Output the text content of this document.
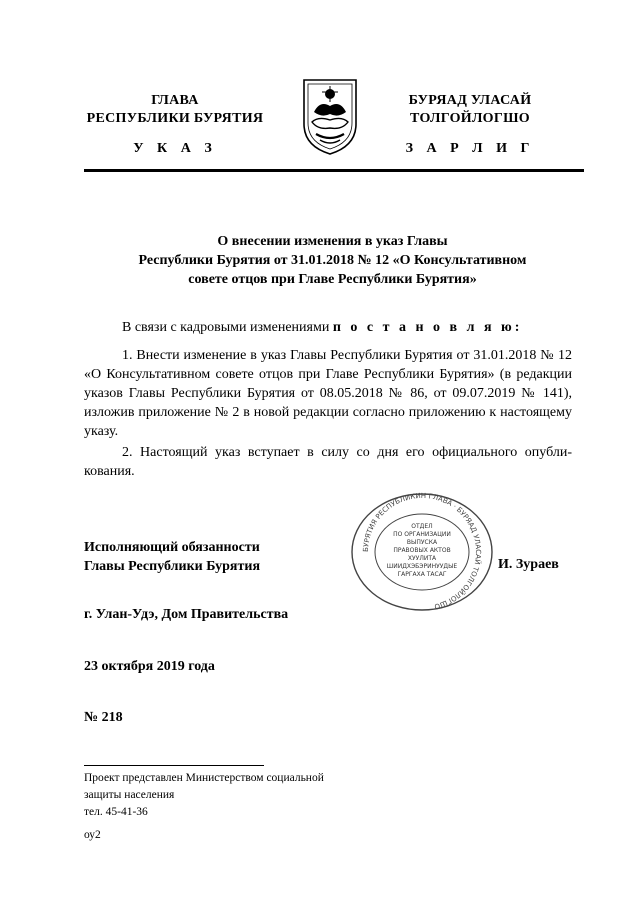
ГЛАВА
РЕСПУБЛИКИ БУРЯТИЯ
БУРЯАД УЛАСАЙ
ТОЛГОЙЛОГШО
У К А З	З А Р Л И Г
О внесении изменения в указ Главы
Республики Бурятия от 31.01.2018 № 12 «О Консультативном
совете отцов при Главе Республики Бурятия»
В связи с кадровыми изменениями п о с т а н о в л я ю:
1. Внести изменение в указ Главы Республики Бурятия от 31.01.2018 № 12 «О Консультативном совете отцов при Главе Республики Бурятия» (в редакции указов Главы Республики Бурятия от 08.05.2018 № 86, от 09.07.2019 № 141), изложив приложение № 2 в новой редакции согласно приложению к настоящему указу.
2. Настоящий указ вступает в силу со дня его официального опубли-кования.
Исполняющий обязанности
Главы Республики Бурятия
БУРЯТИЯ РЕСПУБЛИКИН ГЛАВА · БУРЯАД УЛАСАЙ ТОЛГОЙЛОГШО
ОТДЕЛ
ПО ОРГАНИЗАЦИИ
ВЫПУСКА
ПРАВОВЫХ АКТОВ
ХУУЛИТА
ШИИДХЭБЭРИНУУДЫЕ
ГАРГАХА ТАСАГ
И. Зураев
г. Улан-Удэ, Дом Правительства
23 октября 2019 года
№ 218
Проект представлен Министерством социальной
защиты населения
тел. 45-41-36
оу2
